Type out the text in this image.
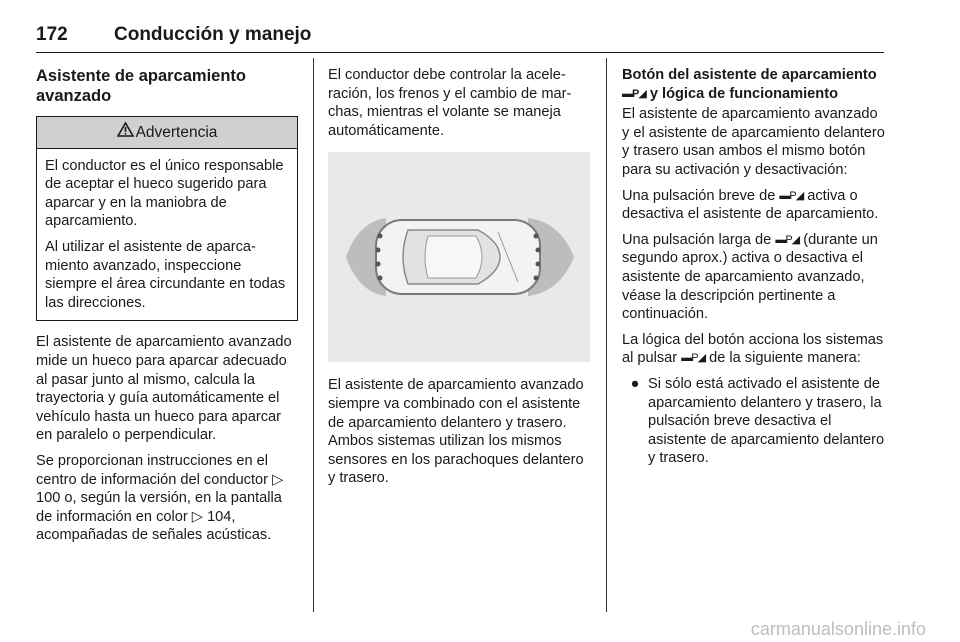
172 Conducción y manejo
Asistente de aparcamiento avanzado
Advertencia

El conductor es el único responsable de aceptar el hueco sugerido para aparcar y en la maniobra de aparcamiento.

Al utilizar el asistente de aparcamiento avanzado, inspeccione siempre el área circundante en todas las direcciones.

El asistente de aparcamiento avanzado mide un hueco para aparcar adecuado al pasar junto al mismo, calcula la trayectoria y guía automáticamente el vehículo hasta un hueco para aparcar en paralelo o perpendicular.

Se proporcionan instrucciones en el centro de información del conductor ▷ 100 o, según la versión, en la pantalla de información en color ▷ 104, acompañadas de señales acústicas.

El conductor debe controlar la aceleración, los frenos y el cambio de marchas, mientras el volante se maneja automáticamente.

El asistente de aparcamiento avanzado siempre va combinado con el asistente de aparcamiento delantero y trasero. Ambos sistemas utilizan los mismos sensores en los parachoques delantero y trasero.

Botón del asistente de aparcamiento ▬P◢ y lógica de funcionamiento

El asistente de aparcamiento avanzado y el asistente de aparcamiento delantero y trasero usan ambos el mismo botón para su activación y desactivación:

Una pulsación breve de ▬P◢ activa o desactiva el asistente de aparcamiento.

Una pulsación larga de ▬P◢ (durante un segundo aprox.) activa o desactiva el asistente de aparcamiento avanzado, véase la descripción pertinente a continuación.

La lógica del botón acciona los sistemas al pulsar ▬P◢ de la siguiente manera:

● Si sólo está activado el asistente de aparcamiento delantero y trasero, la pulsación breve desactiva el asistente de aparcamiento delantero y trasero.
carmanualsonline.info
